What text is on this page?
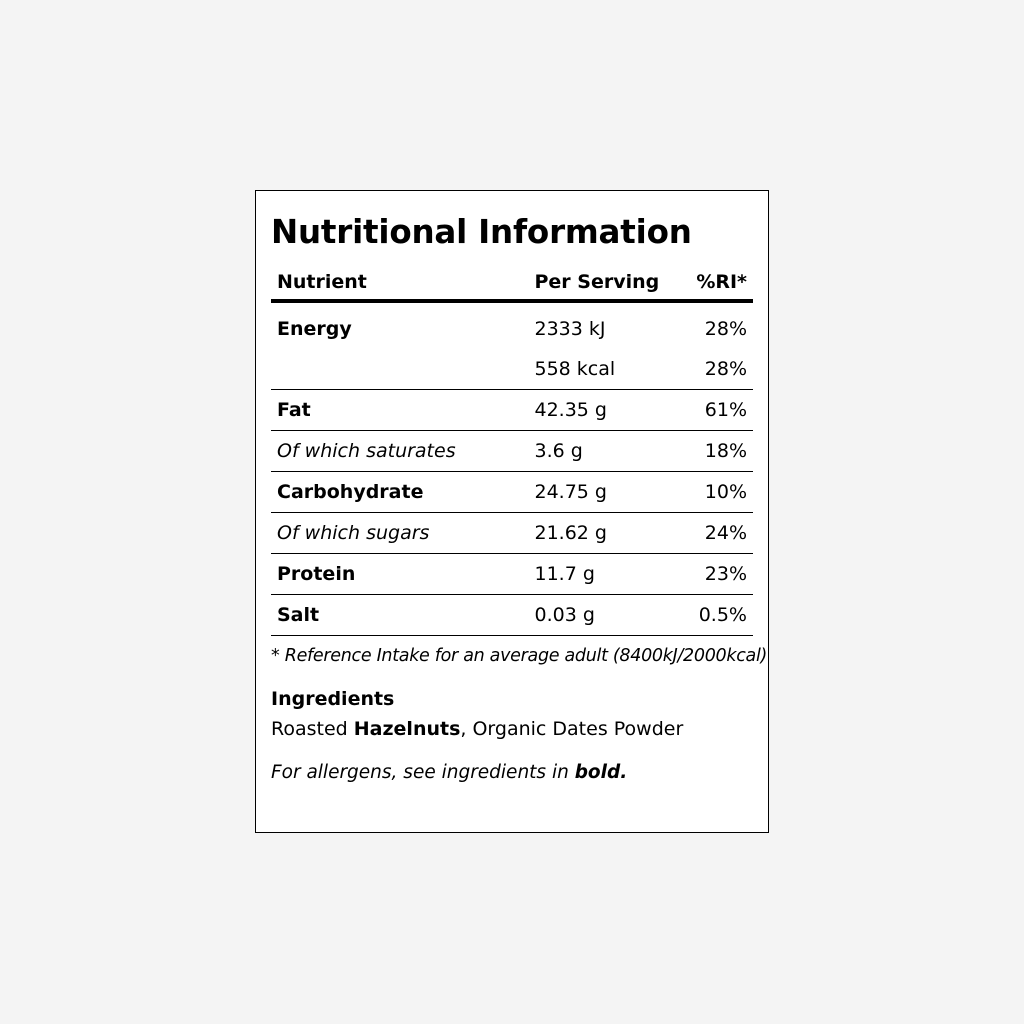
Nutritional Information
Nutrient	Per Serving	%RI*
Energy	2333 kJ	28%
	558 kcal	28%
Fat	42.35 g	61%
Of which saturates	3.6 g	18%
Carbohydrate	24.75 g	10%
Of which sugars	21.62 g	24%
Protein	11.7 g	23%
Salt	0.03 g	0.5%
* Reference Intake for an average adult (8400kJ/2000kcal)
Ingredients
Roasted Hazelnuts, Organic Dates Powder
For allergens, see ingredients in bold.
